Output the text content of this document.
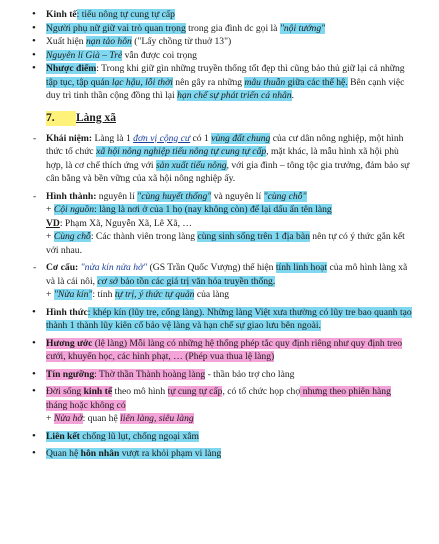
• Kinh tế: tiểu nông tự cung tự cấp

• Người phụ nữ giữ vai trò quan trọng trong gia đình dc gọi là "nội tướng"

• Xuất hiện nạn tảo hôn ("Lấy chồng từ thuở 13")

• Nguyên lí Già – Trẻ vẫn được coi trọng

• Nhược điểm: Trong khi giữ gìn những truyền thống tốt đẹp thì cũng bảo thủ giữ lại cả những

tập tục, tập quán lạc hậu, lỗi thời nên gây ra những mâu thuẫn giữa các thế hệ. Bên cạnh việc

duy trì tinh thần cộng đồng thì lại hạn chế sự phát triển cá nhân.

7. Làng xã

- Khái niệm: Làng là 1 đơn vị cộng cư có 1 vùng đất chung của cư dân nông nghiệp, một hình

thức tổ chức xã hội nông nghiệp tiểu nông tự cung tự cấp, mặt khác, là mẫu hình xã hội phù

hợp, là cơ chế thích ứng với sản xuất tiểu nông, với gia đình – tông tộc gia trưởng, đảm bảo sự

cân bằng và bền vững của xã hội nông nghiệp ấy.

- Hình thành: nguyên lí "cùng huyết thống" và nguyên lí "cùng chỗ"

+ Cội nguồn: làng là nơi ở của 1 họ (nay không còn) để lại dấu ấn tên làng

VD: Phạm Xã, Nguyễn Xã, Lê Xã, …

+ Cùng chỗ: Các thành viên trong làng cùng sinh sống trên 1 địa bàn nên tự có ý thức gắn kết

với nhau.

- Cơ cấu: "nửa kín nửa hở" (GS Trần Quốc Vượng) thể hiện tính linh hoạt của mô hình làng xã

và là cái nôi, cơ sở bảo tồn các giá trị văn hóa truyền thống.

+ "Nửa kín": tính tự trị, ý thức tự quản của làng

• Hình thức: khép kín (lũy tre, cổng làng). Những làng Việt xưa thường có lũy tre bao quanh tạo

thành 1 thành lũy kiên cố bảo vệ làng và hạn chế sự giao lưu bên ngoài.

• Hương ước (lệ làng) Mỗi làng có những hệ thống phép tắc quy định riêng như quy định treo

cưới, khuyến học, các hình phạt, … (Phép vua thua lệ làng)

• Tín ngưỡng: Thờ thần Thành hoàng làng - thần bảo trợ cho làng

• Đời sống kinh tế theo mô hình tự cung tự cấp, có tổ chức họp chợ nhưng theo phiên hàng

tháng hoặc không có

+ Nửa hở: quan hệ liên làng, siêu làng

• Liên kết chống lũ lụt, chống ngoại xâm

• Quan hệ hôn nhân vượt ra khỏi phạm vi làng
